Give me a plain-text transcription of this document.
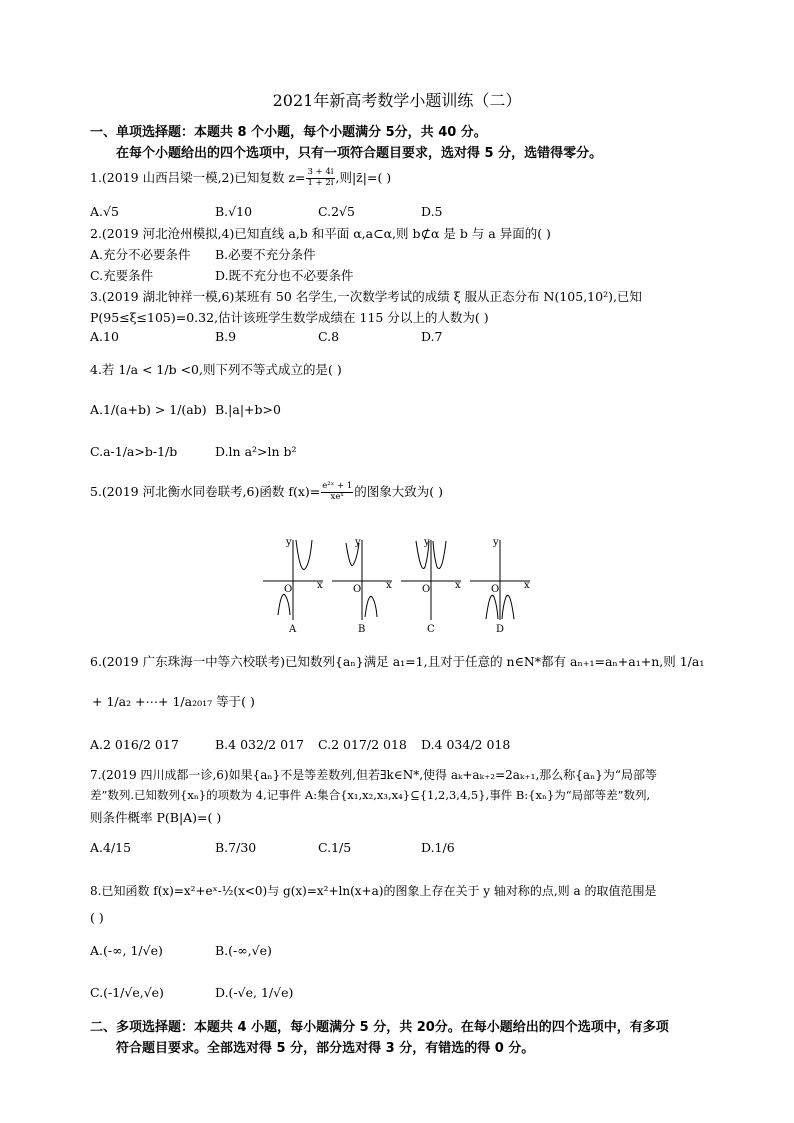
2021年新高考数学小题训练（二）
一、单项选择题：本题共 8 个小题，每个小题满分 5分，共 40 分。
在每个小题给出的四个选项中，只有一项符合题目要求，选对得 5 分，选错得零分。
1.(2019 山西吕梁一模,2)已知复数 $z= \frac{3 + 4i}{1 + 2i}$ ,则|z̄|=( )
A.√5	B.√10	C.2√5	D.5
2.(2019 河北沧州模拟,4)已知直线 a,b 和平面 α,a⊂α,则 b⊄α 是 b 与 a 异面的( )
A.充分不必要条件 B.必要不充分条件
C.充要条件	D.既不充分也不必要条件
3.(2019 湖北钟祥一模,6)某班有 50 名学生,一次数学考试的成绩 ξ 服从正态分布 N(105,10²),已知
P(95≤ξ≤105)=0.32,估计该班学生数学成绩在 115 分以上的人数为( )
A.10	B.9	C.8	D.7
4.若 1/a < 1/b <0,则下列不等式成立的是( )
A.1/(a+b) > 1/(ab) B.|a|+b>0
C.a-1/a>b-1/b	D.ln a²>ln b²
5.(2019 河北衡水同卷联考,6)函数 $f(x)= \frac{\text{e²ˣ + 1}}{\text{xeˣ}}$ 的图象大致为( )
y
x
O
A
y
x
O
B
y
x
O
C
y
x
O
D
6.(2019 广东珠海一中等六校联考)已知数列{aₙ}满足 a₁=1,且对于任意的 n∈N*都有 aₙ₊₁=aₙ+a₁+n,则 1/a₁
+ 1/a₂ +⋯+ 1/a₂₀₁₇ 等于( )
A.2 016/2 017	B.4 032/2 017 C.2 017/2 018 D.4 034/2 018
7.(2019 四川成都一诊,6)如果{aₙ}不是等差数列,但若∃k∈N*,使得 aₖ+aₖ₊₂=2aₖ₊₁,那么称{aₙ}为“局部等
差”数列.已知数列{xₙ}的项数为 4,记事件 A:集合{x₁,x₂,x₃,x₄}⊆{1,2,3,4,5},事件 B:{xₙ}为“局部等差”数列,
则条件概率 P(B|A)=( )
A.4/15	B.7/30	C.1/5	D.1/6
8.已知函数 f(x)=x²+eˣ-½(x<0)与 g(x)=x²+ln(x+a)的图象上存在关于 y 轴对称的点,则 a 的取值范围是
( )
A.(-∞, 1/√e)	B.(-∞,√e)
C.(-1/√e,√e)	D.(-√e, 1/√e)
二、多项选择题：本题共 4 小题，每小题满分 5 分，共 20分。在每小题给出的四个选项中，有多项
符合题目要求。全部选对得 5 分，部分选对得 3 分，有错选的得 0 分。
